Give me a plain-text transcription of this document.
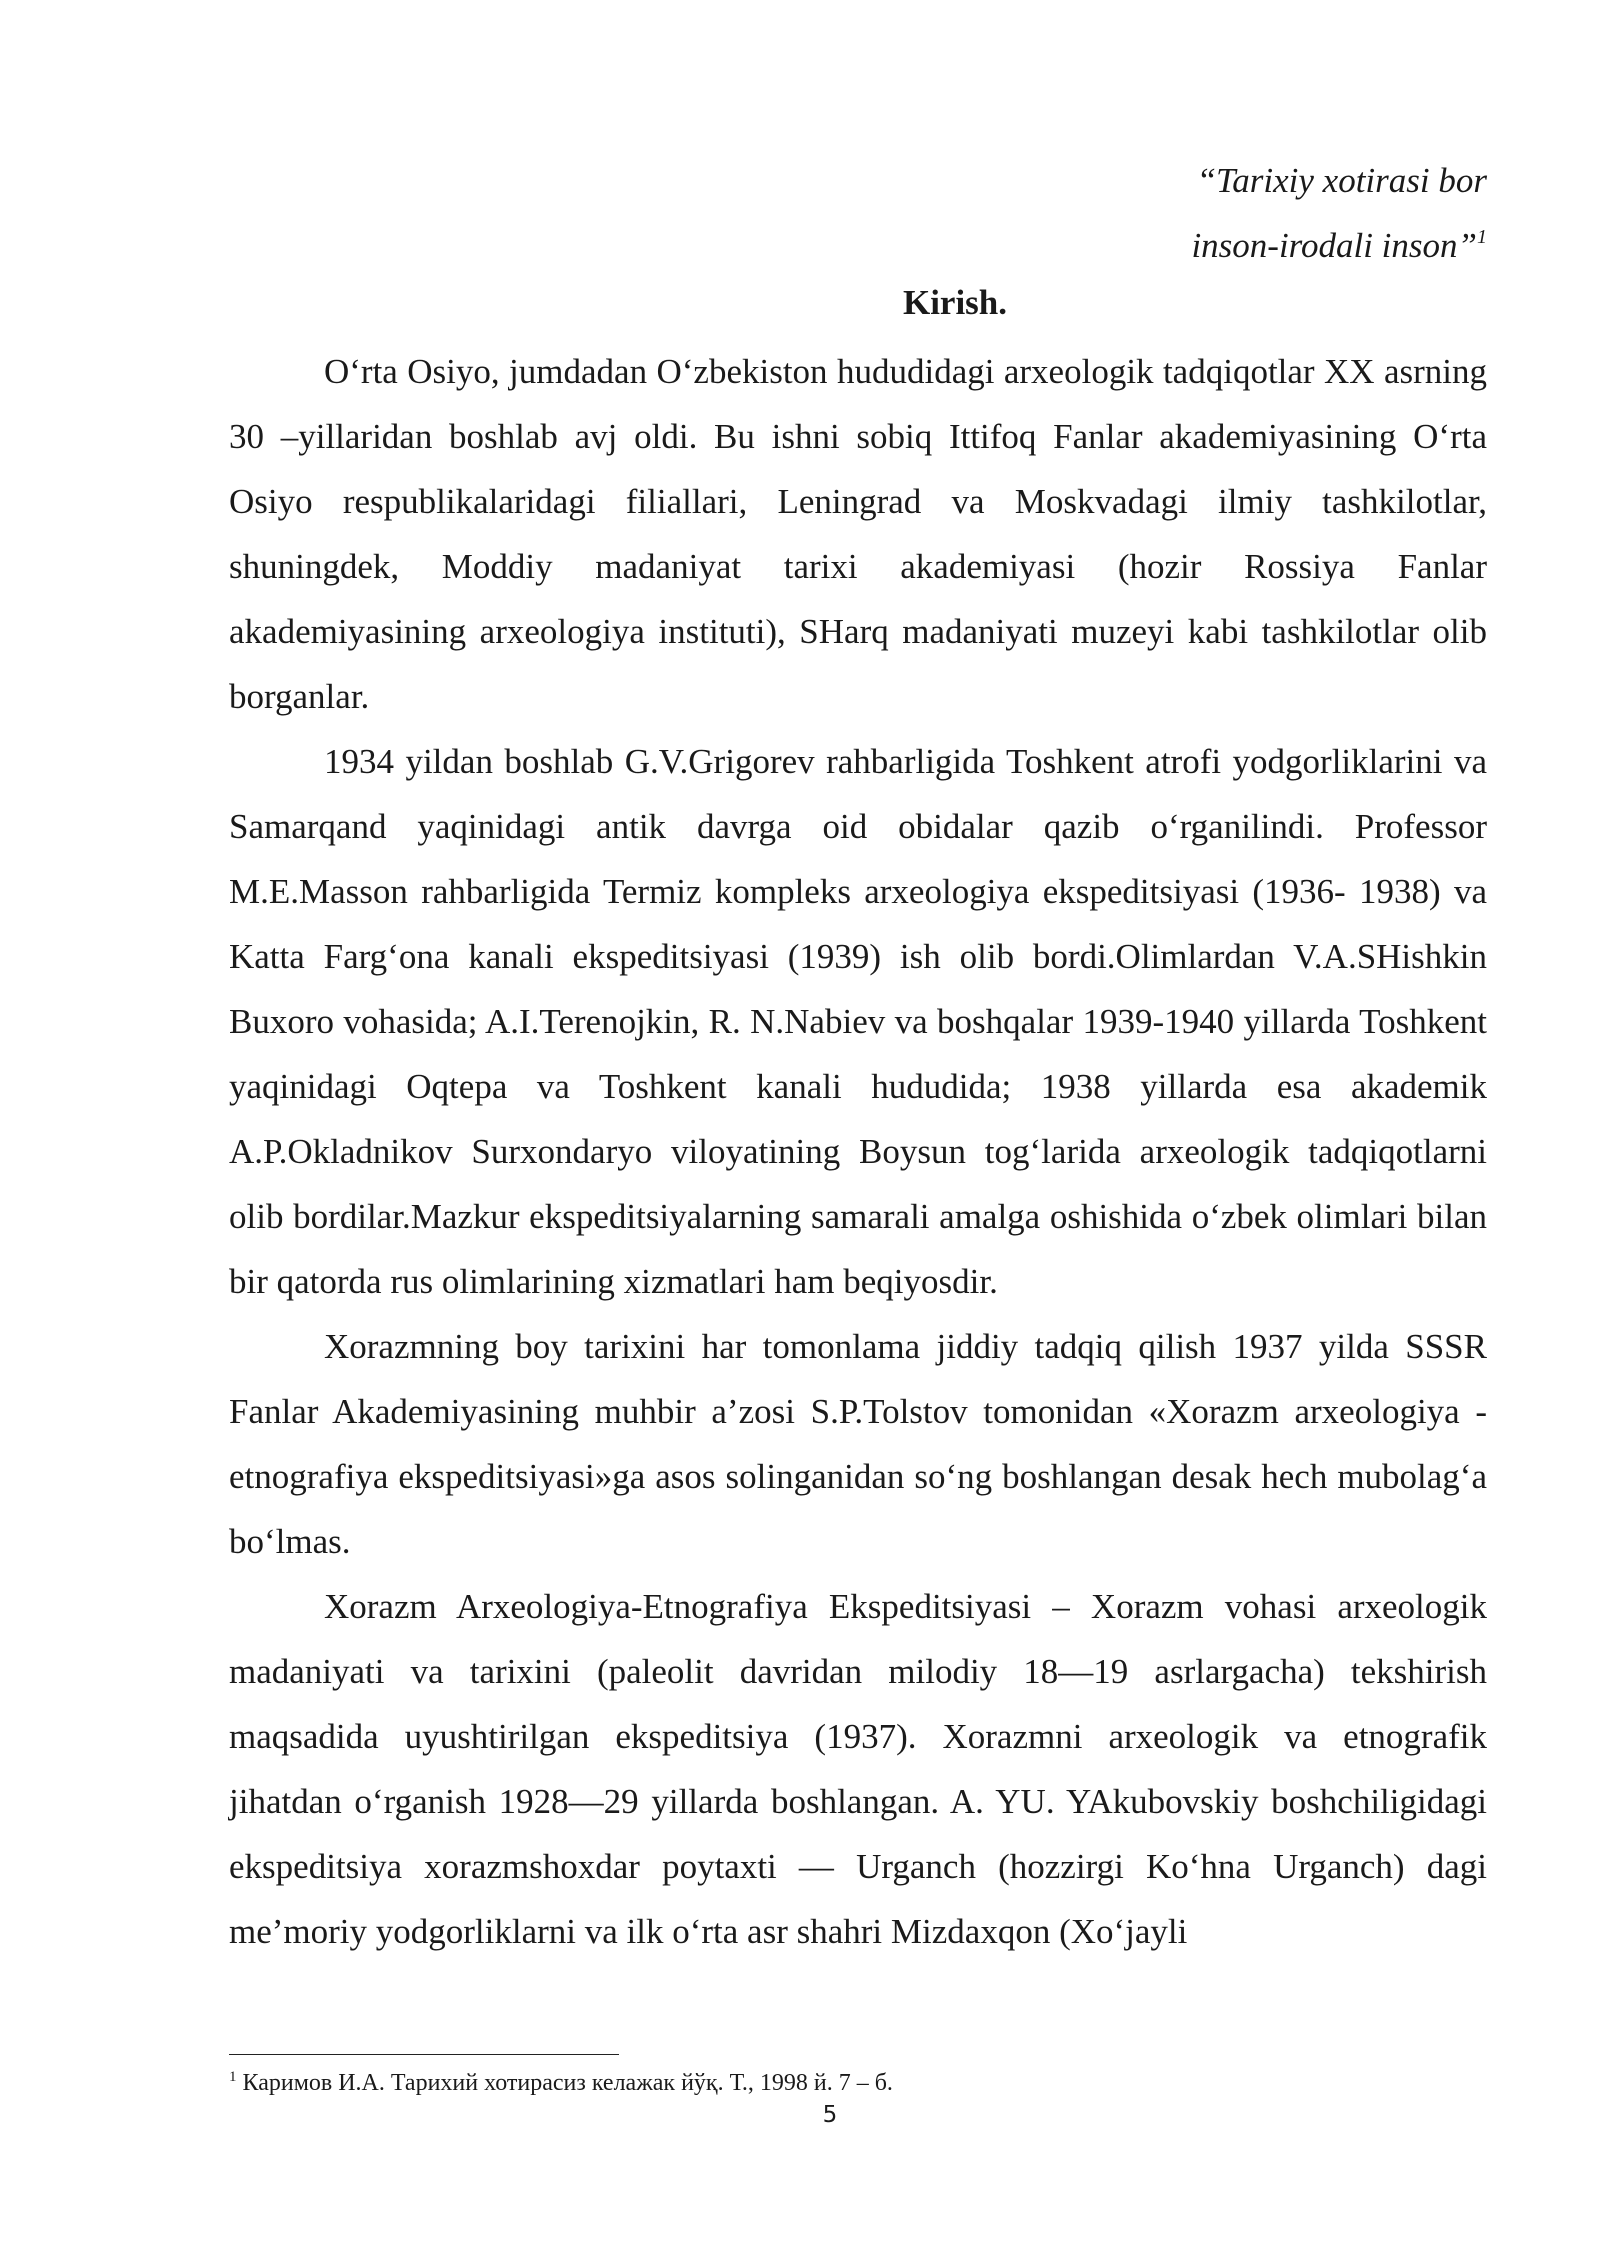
“Tarixiy xotirasi bor
inson-irodali inson”$^1$
Kirish.

O‘rta Osiyo, jumdadan O‘zbekiston hududidagi arxeologik tadqiqotlar XX asrning 30 –yillaridan boshlab avj oldi. Bu ishni sobiq Ittifoq Fanlar akademiyasining O‘rta Osiyo respublikalaridagi filiallari, Leningrad va Moskvadagi ilmiy tashkilotlar, shuningdek, Moddiy madaniyat tarixi akademiyasi (hozir Rossiya Fanlar akademiyasining arxeologiya instituti), SHarq madaniyati muzeyi kabi tashkilotlar olib borganlar.

1934 yildan boshlab G.V.Grigorev rahbarligida Toshkent atrofi yodgorliklarini va Samarqand yaqinidagi antik davrga oid obidalar qazib o‘rganilindi. Professor M.E.Masson rahbarligida Termiz kompleks arxeologiya ekspeditsiyasi (1936- 1938) va Katta Farg‘ona kanali ekspeditsiyasi (1939) ish olib bordi.Olimlardan V.A.SHishkin Buxoro vohasida; A.I.Terenojkin, R. N.Nabiev va boshqalar 1939-1940 yillarda Toshkent yaqinidagi Oqtepa va Toshkent kanali hududida; 1938 yillarda esa akademik A.P.Okladnikov Surxondaryo viloyatining Boysun tog‘larida arxeologik tadqiqotlarni olib bordilar.Mazkur ekspeditsiyalarning samarali amalga oshishida o‘zbek olimlari bilan bir qatorda rus olimlarining xizmatlari ham beqiyosdir.

Xorazmning boy tarixini har tomonlama jiddiy tadqiq qilish 1937 yilda SSSR Fanlar Akademiyasining muhbir a’zosi S.P.Tolstov tomonidan «Xorazm arxeologiya - etnografiya ekspeditsiyasi»ga asos solinganidan so‘ng boshlangan desak hech mubolag‘a bo‘lmas.

Xorazm Arxeologiya-Etnografiya Ekspeditsiyasi – Xorazm vohasi arxeologik madaniyati va tarixini (paleolit davridan milodiy 18—19 asrlargacha) tekshirish maqsadida uyushtirilgan ekspeditsiya (1937). Xorazmni arxeologik va etnografik jihatdan o‘rganish 1928—29 yillarda boshlangan. A. YU. YAkubovskiy boshchiligidagi ekspeditsiya xorazmshoxdar poytaxti — Urganch (hozzirgi Ko‘hna Urganch) dagi me’moriy yodgorliklarni va ilk o‘rta asr shahri Mizdaxqon (Xo‘jayli

$^1$ Каримов И.А. Тарихий хотирасиз келажак йўқ. Т., 1998 й. 7 – б.
5
